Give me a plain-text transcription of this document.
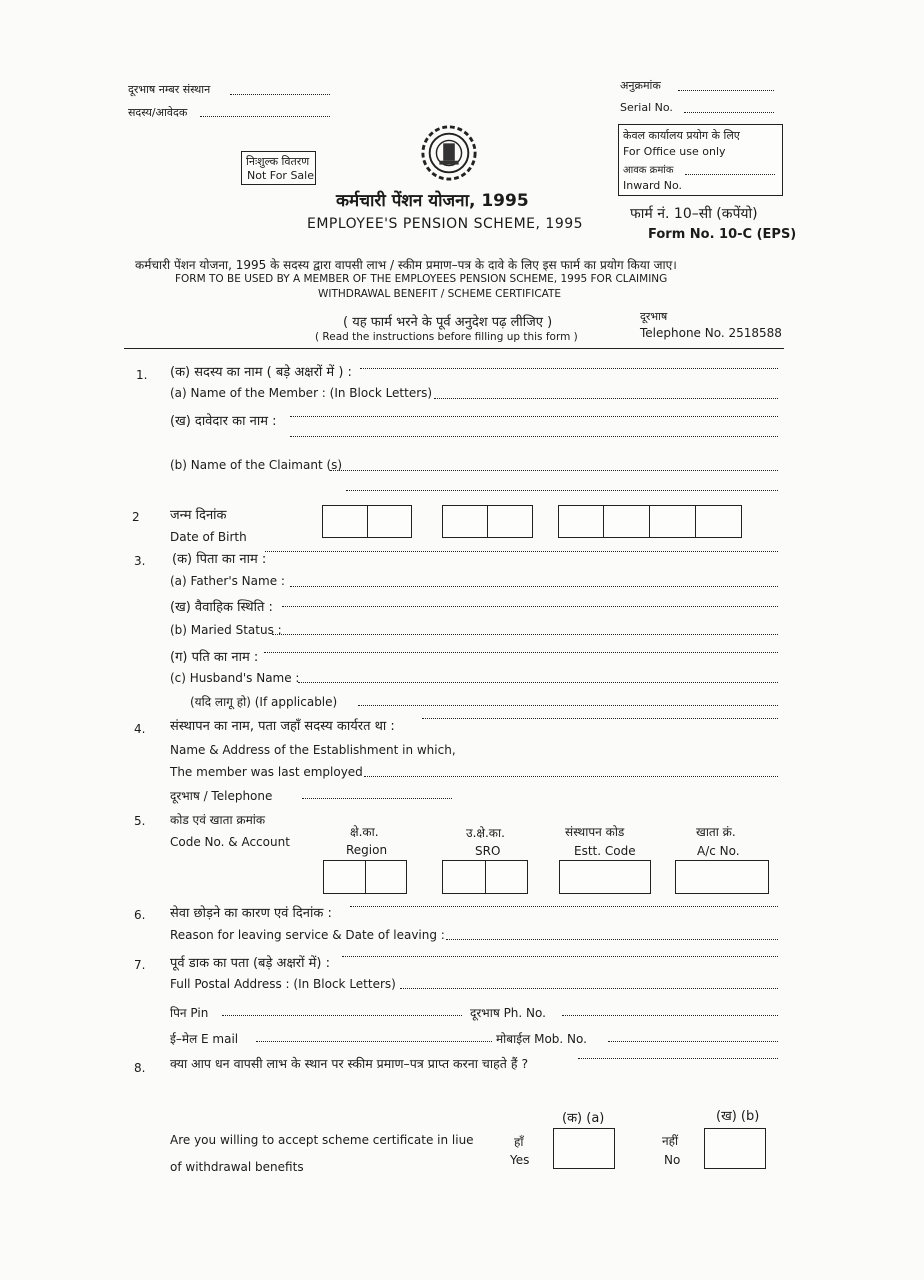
दूरभाष नम्बर संस्थान
सदस्य/आवेदक
अनुक्रमांक
Serial No.
केवल कार्यालय प्रयोग के लिए
For Office use only
आवक क्रमांक
Inward No.
निःशुल्क वितरण
Not For Sale
कर्मचारी पेंशन योजना, 1995
EMPLOYEE'S PENSION SCHEME, 1995
फार्म नं. 10–सी (कपेंयो)
Form No. 10-C (EPS)
कर्मचारी पेंशन योजना, 1995 के सदस्य द्वारा वापसी लाभ / स्कीम प्रमाण–पत्र के दावे के लिए इस फार्म का प्रयोग किया जाए।
FORM TO BE USED BY A MEMBER OF THE EMPLOYEES PENSION SCHEME, 1995 FOR CLAIMING
WITHDRAWAL BENEFIT / SCHEME CERTIFICATE
( यह फार्म भरने के पूर्व अनुदेश पढ़ लीजिए )
( Read the instructions before filling up this form )
दूरभाष
Telephone No. 2518588
1. (क) सदस्य का नाम ( बड़े अक्षरों में ) :
(a) Name of the Member : (In Block Letters)
(ख) दावेदार का नाम :
(b) Name of the Claimant (s)
2 जन्म दिनांक
Date of Birth
3. (क) पिता का नाम :
(a) Father's Name :
(ख) वैवाहिक स्थिति :
(b) Maried Status :
(ग) पति का नाम :
(c) Husband's Name :
(यदि लागू हो) (If applicable)
4. संस्थापन का नाम, पता जहाँ सदस्य कार्यरत था :
Name & Address of the Establishment in which,
The member was last employed
दूरभाष / Telephone
5. कोड एवं खाता क्रमांक
Code No. & Account
क्षे.का.
Region
उ.क्षे.का.
SRO
संस्थापन कोड
Estt. Code
खाता क्रं.
A/c No.
6. सेवा छोड़ने का कारण एवं दिनांक :
Reason for leaving service & Date of leaving :
7. पूर्व डाक का पता (बड़े अक्षरों में) :
Full Postal Address : (In Block Letters)
पिन Pin	दूरभाष Ph. No.
ई–मेल E mail	मोबाईल Mob. No.
8. क्या आप धन वापसी लाभ के स्थान पर स्कीम प्रमाण–पत्र प्राप्त करना चाहते हैं ?
(क) (a)	(ख) (b)
Are you willing to accept scheme certificate in liue
of withdrawal benefits
हाँ
Yes
नहीं
No
